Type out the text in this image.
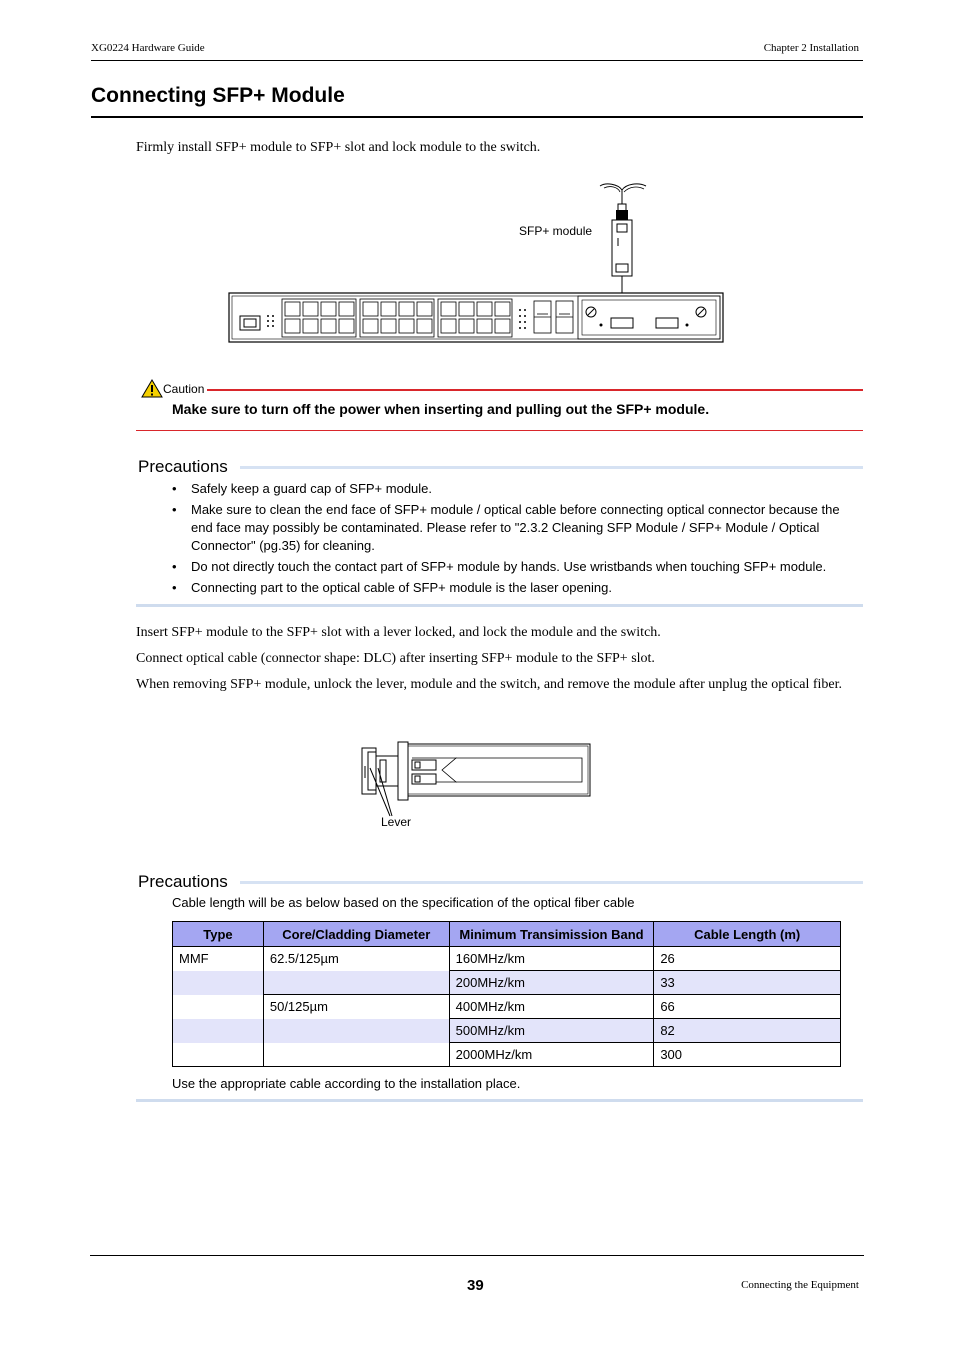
XG0224 Hardware Guide	Chapter 2 Installation
Connecting SFP+ Module
Firmly install SFP+ module to SFP+ slot and lock module to the switch.
SFP+ module
Caution
Make sure to turn off the power when inserting and pulling out the SFP+ module.
Precautions
• Safely keep a guard cap of SFP+ module.
• Make sure to clean the end face of SFP+ module / optical cable before connecting optical connector because the end face may possibly be contaminated. Please refer to "2.3.2 Cleaning SFP Module / SFP+ Module / Optical Connector" (pg.35) for cleaning.
• Do not directly touch the contact part of SFP+ module by hands. Use wristbands when touching SFP+ module.
• Connecting part to the optical cable of SFP+ module is the laser opening.
Insert SFP+ module to the SFP+ slot with a lever locked, and lock the module and the switch.
Connect optical cable (connector shape: DLC) after inserting SFP+ module to the SFP+ slot.
When removing SFP+ module, unlock the lever, module and the switch, and remove the module after unplug the optical fiber.
Lever
Precautions
Cable length will be as below based on the specification of the optical fiber cable
Type	Core/Cladding Diameter	Minimum Transimission Band	Cable Length (m)
MMF	62.5/125µm	160MHz/km	26
		200MHz/km	33
	50/125µm	400MHz/km	66
		500MHz/km	82
		2000MHz/km	300
Use the appropriate cable according to the installation place.
39	Connecting the Equipment
